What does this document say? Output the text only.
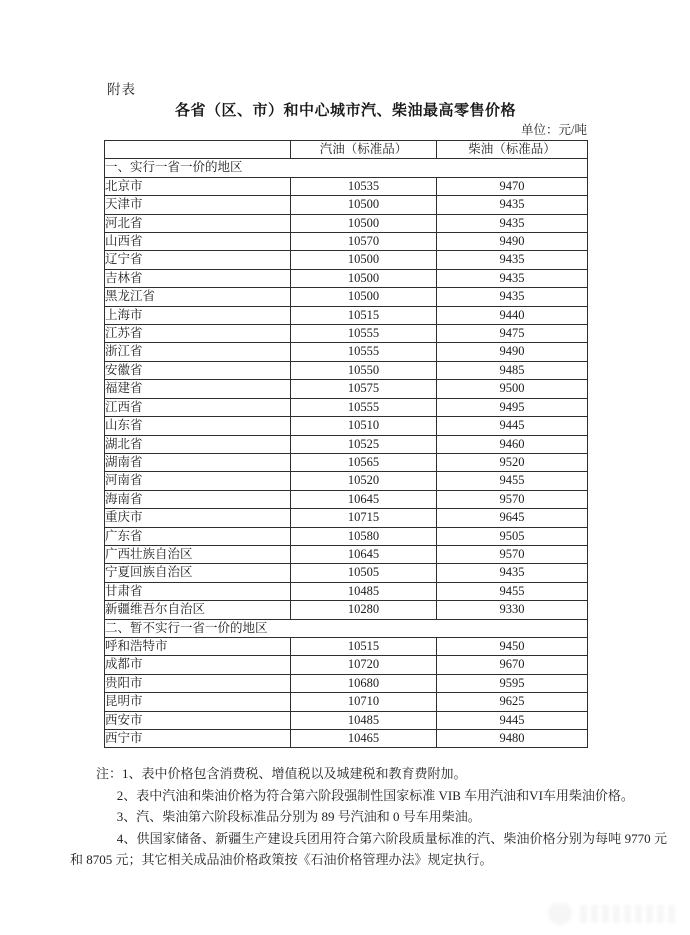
附表
各省（区、市）和中心城市汽、柴油最高零售价格
单位：元/吨
	汽油（标准品）	柴油（标准品）
一、实行一省一价的地区		
北京市	10535	9470
天津市	10500	9435
河北省	10500	9435
山西省	10570	9490
辽宁省	10500	9435
吉林省	10500	9435
黑龙江省	10500	9435
上海市	10515	9440
江苏省	10555	9475
浙江省	10555	9490
安徽省	10550	9485
福建省	10575	9500
江西省	10555	9495
山东省	10510	9445
湖北省	10525	9460
湖南省	10565	9520
河南省	10520	9455
海南省	10645	9570
重庆市	10715	9645
广东省	10580	9505
广西壮族自治区	10645	9570
宁夏回族自治区	10505	9435
甘肃省	10485	9455
新疆维吾尔自治区	10280	9330
二、暂不实行一省一价的地区		
呼和浩特市	10515	9450
成都市	10720	9670
贵阳市	10680	9595
昆明市	10710	9625
西安市	10485	9445
西宁市	10465	9480

注：1、表中价格包含消费税、增值税以及城建税和教育费附加。

2、表中汽油和柴油价格为符合第六阶段强制性国家标准 VIB 车用汽油和VI车用柴油价格。

3、汽、柴油第六阶段标准品分别为 89 号汽油和 0 号车用柴油。

4、供国家储备、新疆生产建设兵团用符合第六阶段质量标准的汽、柴油价格分别为每吨 9770 元和 8705 元；其它相关成品油价格政策按《石油价格管理办法》规定执行。
